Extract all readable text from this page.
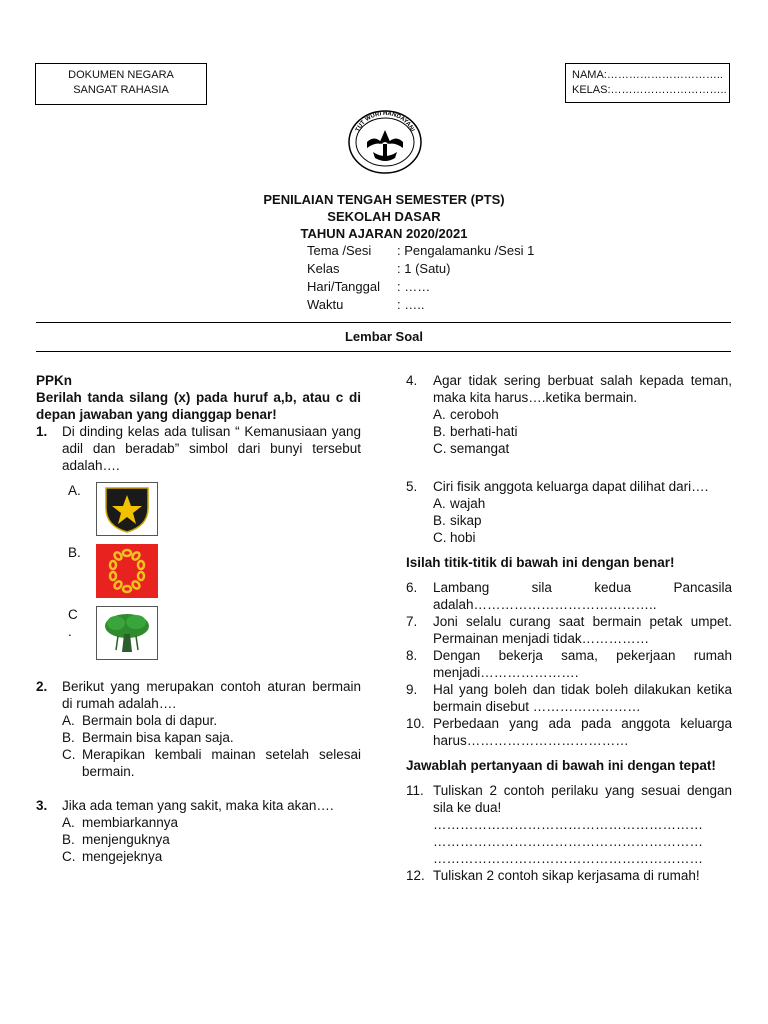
DOKUMEN NEGARA
SANGAT RAHASIA
NAMA:…………………………..
KELAS:…………………………..
TUT WURI HANDAYANI
PENILAIAN TENGAH SEMESTER (PTS)
SEKOLAH DASAR
TAHUN AJARAN 2020/2021
Tema /Sesi : Pengalamanku /Sesi 1
Kelas	: 1 (Satu)
Hari/Tanggal : ……
Waktu	: …..
Lembar Soal
PPKn
Berilah tanda silang (x) pada huruf a,b, atau c di depan jawaban yang dianggap benar!
1. Di dinding kelas ada tulisan “ Kemanusiaan yang adil dan beradab” simbol dari bunyi tersebut adalah….
A.
B.
C
.
2. Berikut yang merupakan contoh aturan bermain di rumah adalah….
A. Bermain bola di dapur.
B. Bermain bisa kapan saja.
C. Merapikan kembali mainan setelah selesai bermain.
3. Jika ada teman yang sakit, maka kita akan….
A. membiarkannya
B. menjenguknya
C. mengejeknya
4. Agar tidak sering berbuat salah kepada teman, maka kita harus….ketika bermain.
A. ceroboh
B. berhati-hati
C. semangat
5. Ciri fisik anggota keluarga dapat dilihat dari….
A. wajah
B. sikap
C. hobi
Isilah titik-titik di bawah ini dengan benar!
6. Lambang sila kedua Pancasila adalah…………………………………..
7. Joni selalu curang saat bermain petak umpet. Permainan menjadi tidak……………
8. Dengan bekerja sama, pekerjaan rumah menjadi………………….
9. Hal yang boleh dan tidak boleh dilakukan ketika bermain disebut ……………………
10. Perbedaan yang ada pada anggota keluarga harus………………………………
Jawablah pertanyaan di bawah ini dengan tepat!
11. Tuliskan 2 contoh perilaku yang sesuai dengan sila ke dua!
……………………………………………………
……………………………………………………
……………………………………………………
12. Tuliskan 2 contoh sikap kerjasama di rumah!
